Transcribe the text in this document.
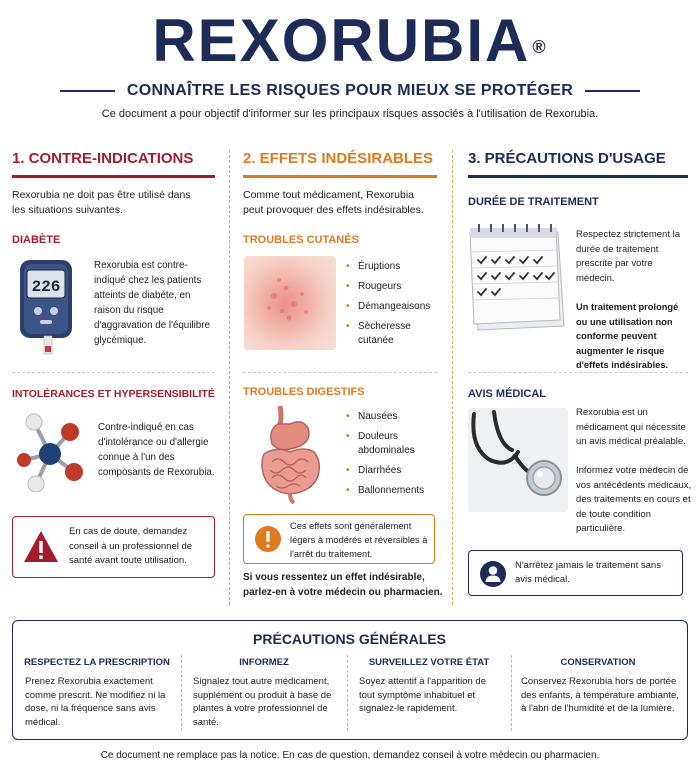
REXORUBIA ®
CONNAÎTRE LES RISQUES POUR MIEUX SE PROTÉGER
Ce document a pour objectif d'informer sur les principaux risques associés à l'utilisation de Rexorubia.
1. CONTRE-INDICATIONS
Rexorubia ne doit pas être utilisé dans les situations suivantes.
DIABÈTE
226
Rexorubia est contre-indiqué chez les patients atteints de diabète, en raison du risque d'aggravation de l'équilibre glycémique.
INTOLÉRANCES ET HYPERSENSIBILITÉ
Contre-indiqué en cas d'intolérance ou d'allergie connue à l'un des composants de Rexorubia.
En cas de doute, demandez conseil à un professionnel de santé avant toute utilisation.
2. EFFETS INDÉSIRABLES
Comme tout médicament, Rexorubia peut provoquer des effets indésirables.
TROUBLES CUTANÉS
• Éruptions
• Rougeurs
• Démangeaisons
• Sècheresse cutanée
TROUBLES DIGESTIFS
• Nausées
• Douleurs abdominales
• Diarrhées
• Ballonnements
Ces effets sont généralement légers à modérés et réversibles à l'arrêt du traitement.
Si vous ressentez un effet indésirable, parlez-en à votre médecin ou pharmacien.
3. PRÉCAUTIONS D'USAGE
DURÉE DE TRAITEMENT
Respectez strictement la durée de traitement prescrite par votre médecin.
Un traitement prolongé ou une utilisation non conforme peuvent augmenter le risque d'effets indésirables.
AVIS MÉDICAL
Rexorubia est un médicament qui nécessite un avis médical préalable.
Informez votre médecin de vos antécédents médicaux, des traitements en cours et de toute condition particulière.
N'arrêtez jamais le traitement sans avis médical.
PRÉCAUTIONS GÉNÉRALES
RESPECTEZ LA PRESCRIPTION
Prenez Rexorubia exactement comme prescrit. Ne modifiez ni la dose, ni la fréquence sans avis médical.
INFORMEZ
Signalez tout autre médicament, supplément ou produit à base de plantes à votre professionnel de santé.
SURVEILLEZ VOTRE ÉTAT
Soyez attentif à l'apparition de tout symptôme inhabituel et signalez-le rapidement.
CONSERVATION
Conservez Rexorubia hors de portée des enfants, à température ambiante, à l'abri de l'humidité et de la lumière.
Ce document ne remplace pas la notice. En cas de question, demandez conseil à votre médecin ou pharmacien.
